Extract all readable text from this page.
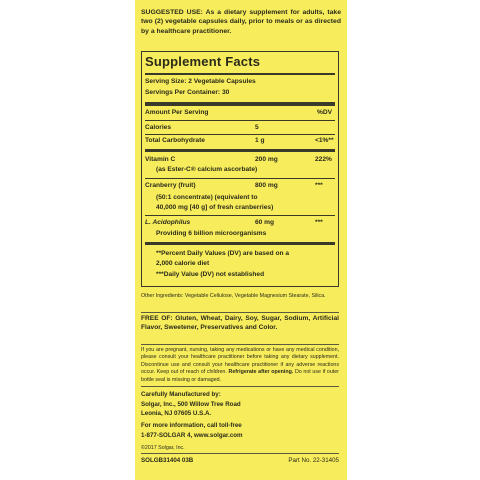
SUGGESTED USE: As a dietary supplement for adults, take two (2) vegetable capsules daily, prior to meals or as directed by a healthcare practitioner.
Supplement Facts
Serving Size: 2 Vegetable Capsules
Servings Per Container: 30
Amount Per Serving	%DV
Calories	5
Total Carbohydrate	1 g	<1%**
Vitamin C	200 mg	222%
(as Ester-C® calcium ascorbate)
Cranberry (fruit)	800 mg	***
(50:1 concentrate) (equivalent to
40,000 mg [40 g] of fresh cranberries)
L. Acidophilus	60 mg	***
Providing 6 billion microorganisms
**Percent Daily Values (DV) are based on a
2,000 calorie diet
***Daily Value (DV) not established
Other Ingredients: Vegetable Cellulose, Vegetable Magnesium Stearate, Silica.
FREE OF: Gluten, Wheat, Dairy, Soy, Sugar, Sodium, Artificial Flavor, Sweetener, Preservatives and Color.
If you are pregnant, nursing, taking any medications or have any medical condition, please consult your healthcare practitioner before taking any dietary supplement. Discontinue use and consult your healthcare practitioner if any adverse reactions occur. Keep out of reach of children. Refrigerate after opening. Do not use if outer bottle seal is missing or damaged.
Carefully Manufactured by:
Solgar, Inc., 500 Willow Tree Road
Leonia, NJ 07605 U.S.A.
For more information, call toll-free
1-877-SOLGAR 4, www.solgar.com
©2017 Solgar, Inc.
SOLGB31404 03B	Part No. 22-31405
